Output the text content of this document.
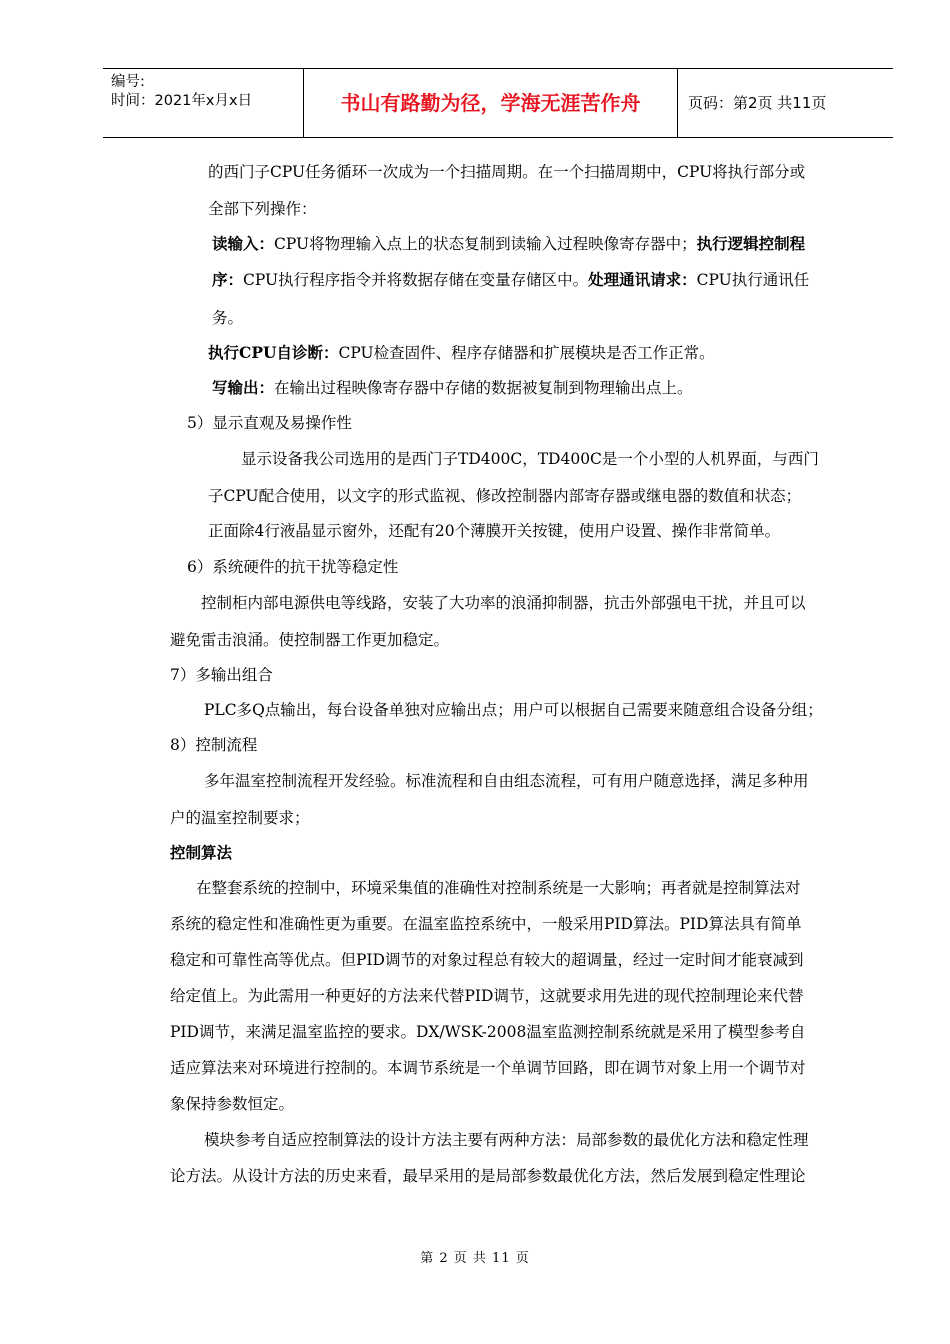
编号:
时间：2021年x月x日	书山有路勤为径，学海无涯苦作舟	页码：第2页 共11页

的西门子CPU任务循环一次成为一个扫描周期。在一个扫描周期中，CPU将执行部分或

全部下列操作：

读输入：CPU将物理输入点上的状态复制到读输入过程映像寄存器中；执行逻辑控制程

序：CPU执行程序指令并将数据存储在变量存储区中。处理通讯请求：CPU执行通讯任

务。

执行CPU自诊断：CPU检查固件、程序存储器和扩展模块是否工作正常。

写输出：在输出过程映像寄存器中存储的数据被复制到物理输出点上。

5）显示直观及易操作性

显示设备我公司选用的是西门子TD400C，TD400C是一个小型的人机界面，与西门

子CPU配合使用，以文字的形式监视、修改控制器内部寄存器或继电器的数值和状态；

正面除4行液晶显示窗外，还配有20个薄膜开关按键，使用户设置、操作非常简单。

6）系统硬件的抗干扰等稳定性

控制柜内部电源供电等线路，安装了大功率的浪涌抑制器，抗击外部强电干扰，并且可以

避免雷击浪涌。使控制器工作更加稳定。

7）多输出组合

PLC多Q点输出，每台设备单独对应输出点；用户可以根据自己需要来随意组合设备分组；

8）控制流程

多年温室控制流程开发经验。标准流程和自由组态流程，可有用户随意选择，满足多种用

户的温室控制要求；

控制算法

在整套系统的控制中，环境采集值的准确性对控制系统是一大影响；再者就是控制算法对

系统的稳定性和准确性更为重要。在温室监控系统中，一般采用PID算法。PID算法具有简单

稳定和可靠性高等优点。但PID调节的对象过程总有较大的超调量，经过一定时间才能衰减到

给定值上。为此需用一种更好的方法来代替PID调节，这就要求用先进的现代控制理论来代替

PID调节，来满足温室监控的要求。DX/WSK-2008温室监测控制系统就是采用了模型参考自

适应算法来对环境进行控制的。本调节系统是一个单调节回路，即在调节对象上用一个调节对

象保持参数恒定。

模块参考自适应控制算法的设计方法主要有两种方法：局部参数的最优化方法和稳定性理

论方法。从设计方法的历史来看，最早采用的是局部参数最优化方法，然后发展到稳定性理论

第 2 页 共 11 页
